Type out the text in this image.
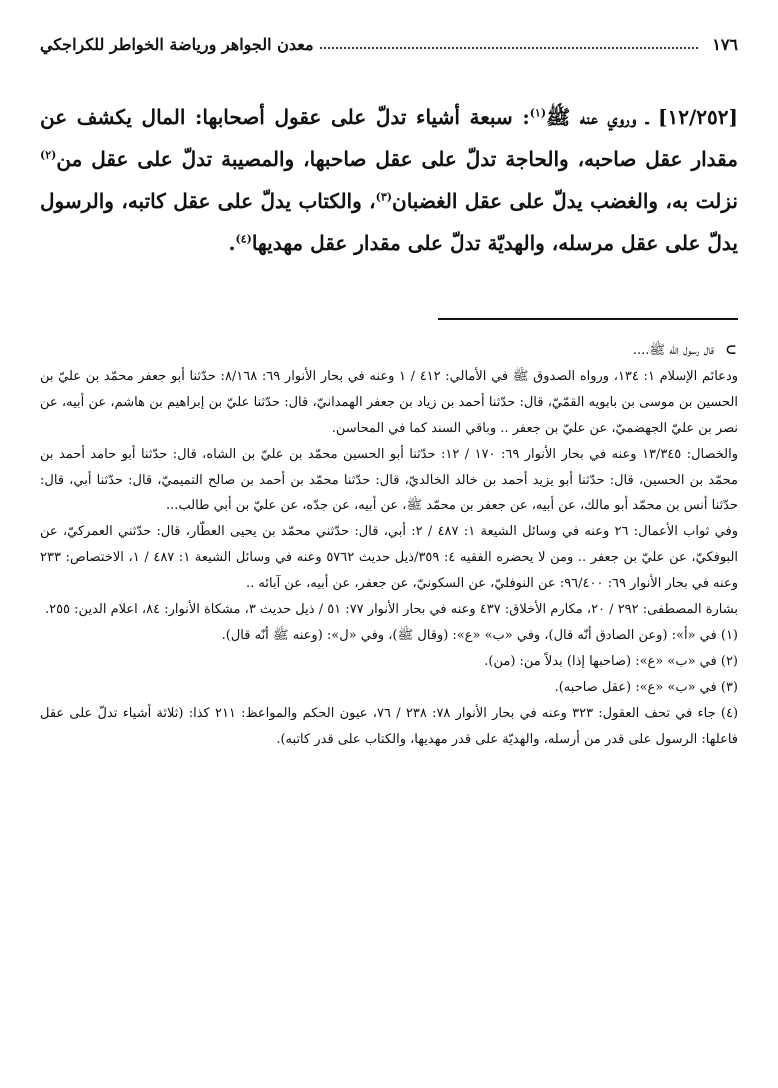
١٧٦
معدن الجواهر ورياضة الخواطر للكراجكي

[١٢/٢٥٢] ـ وروي عنه ﷺ$^{(١)}$: سبعة أشياء تدلّ على عقول أصحابها: المال يكشف عن مقدار عقل صاحبه، والحاجة تدلّ على عقل صاحبها، والمصيبة تدلّ على عقل من$^{(٢)}$ نزلت به، والغضب يدلّ على عقل الغضبان$^{(٣)}$، والكتاب يدلّ على عقل كاتبه، والرسول يدلّ على عقل مرسله، والهديّة تدلّ على مقدار عقل مهديها$^{(٤)}$.

⊃
قال رسول الله ﷺ....

ودعائم الإسلام ١: ١٣٤، ورواه الصدوق ﷺ في الأمالي: ٤١٢ / ١ وعنه في بحار الأنوار ٦٩: ٨/١٦٨: حدّثنا أبو جعفر محمّد بن عليّ بن الحسين بن موسى بن بابويه القمّيّ، قال: حدّثنا أحمد بن زياد بن جعفر الهمدانيّ، قال: حدّثنا عليّ بن إبراهيم بن هاشم، عن أبيه، عن نصر بن عليّ الجهضميّ، عن عليّ بن جعفر .. وباقي السند كما في المحاسن.

والخصال: ١٣/٣٤٥ وعنه في بحار الأنوار ٦٩: ١٧٠ / ١٢: حدّثنا أبو الحسين محمّد بن عليّ بن الشاه، قال: حدّثنا أبو حامد أحمد بن محمّد بن الحسين، قال: حدّثنا أبو يزيد أحمد بن خالد الخالديّ، قال: حدّثنا محمّد بن أحمد بن صالح التميميّ، قال: حدّثنا أبي، قال: حدّثنا أنس بن محمّد أبو مالك، عن أبيه، عن جعفر بن محمّد ﷺ، عن أبيه، عن جدّه، عن عليّ بن أبي طالب...

وفي ثواب الأعمال: ٢٦ وعنه في وسائل الشيعة ١: ٤٨٧ / ٢: أبي، قال: حدّثني محمّد بن يحيى العطّار، قال: حدّثني العمركيّ، عن البوفكيّ، عن عليّ بن جعفر .. ومن لا يحضره الفقيه ٤: ٣٥٩/ذيل حديث ٥٧٦٢ وعنه في وسائل الشيعة ١: ٤٨٧ / ١، الاختصاص: ٢٣٣ وعنه في بحار الأنوار ٦٩: ٩٦/٤٠٠: عن النوفليّ، عن السكونيّ، عن جعفر، عن أبيه، عن آبائه ..

بشارة المصطفى: ٢٩٢ / ٢٠، مكارم الأخلاق: ٤٣٧ وعنه في بحار الأنوار ٧٧: ٥١ / ذيل حديث ٣، مشكاة الأنوار: ٨٤، اعلام الدين: ٢٥٥.

(١) في «أ»: (وعن الصادق أنّه قال)، وفي «ب» «ع»: (وقال ﷺ)، وفي «ل»: (وعنه ﷺ أنّه قال).

(٢) في «ب» «ع»: (صاحبها إذا) بدلاً من: (من).

(٣) في «ب» «ع»: (عقل صاحبه).

(٤) جاء في تحف العقول: ٣٢٣ وعنه في بحار الأنوار ٧٨: ٢٣٨ / ٧٦، عيون الحكم والمواعظ: ٢١١ كذا: (ثلاثة أشياء تدلّ على عقل فاعلها: الرسول على قدر من أرسله، والهديّة على قدر مهديها، والكتاب على قدر كاتبه).
